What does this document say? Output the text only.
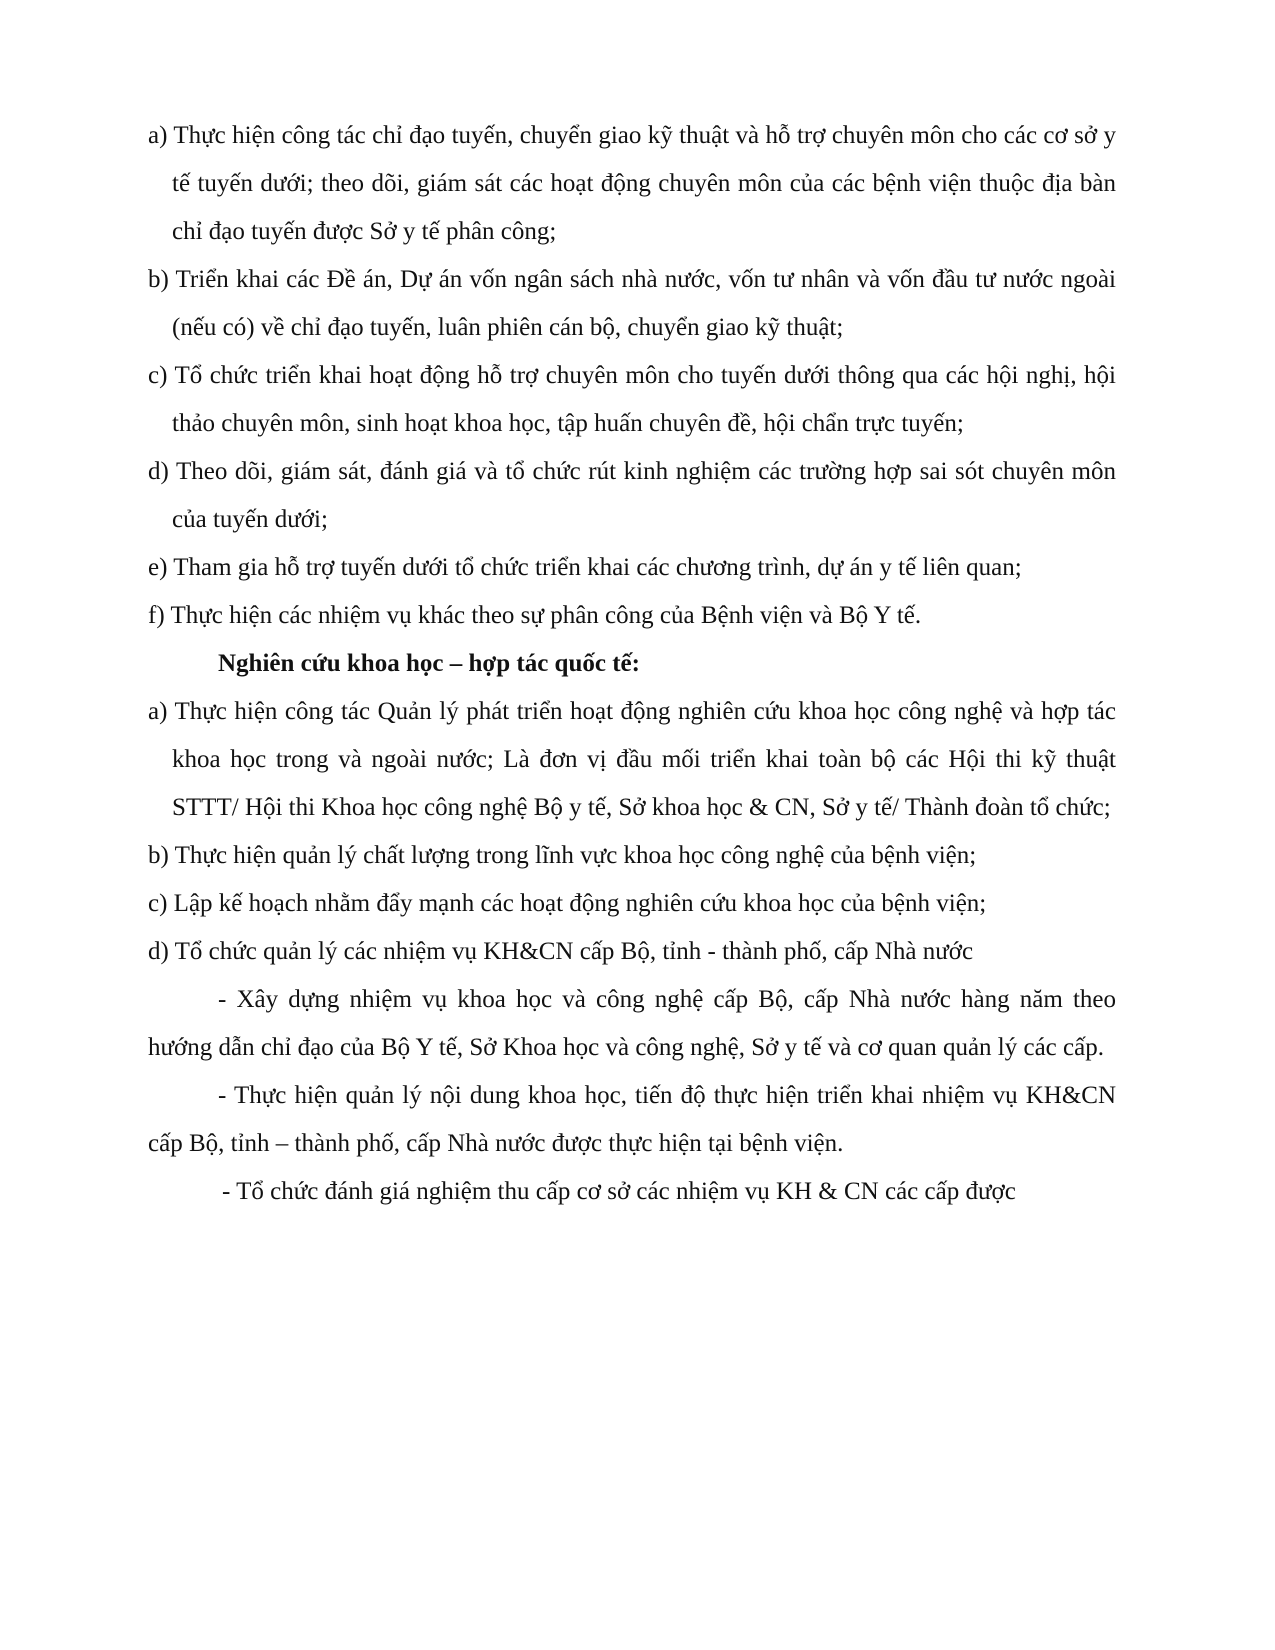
a) Thực hiện công tác chỉ đạo tuyến, chuyển giao kỹ thuật và hỗ trợ chuyên môn cho các cơ sở y tế tuyến dưới; theo dõi, giám sát các hoạt động chuyên môn của các bệnh viện thuộc địa bàn chỉ đạo tuyến được Sở y tế phân công;
b) Triển khai các Đề án, Dự án vốn ngân sách nhà nước, vốn tư nhân và vốn đầu tư nước ngoài (nếu có) về chỉ đạo tuyến, luân phiên cán bộ, chuyển giao kỹ thuật;
c) Tổ chức triển khai hoạt động hỗ trợ chuyên môn cho tuyến dưới thông qua các hội nghị, hội thảo chuyên môn, sinh hoạt khoa học, tập huấn chuyên đề, hội chẩn trực tuyến;
d) Theo dõi, giám sát, đánh giá và tổ chức rút kinh nghiệm các trường hợp sai sót chuyên môn của tuyến dưới;
e) Tham gia hỗ trợ tuyến dưới tổ chức triển khai các chương trình, dự án y tế liên quan;
f) Thực hiện các nhiệm vụ khác theo sự phân công của Bệnh viện và Bộ Y tế.
Nghiên cứu khoa học – hợp tác quốc tế:
a) Thực hiện công tác Quản lý phát triển hoạt động nghiên cứu khoa học công nghệ và hợp tác khoa học trong và ngoài nước; Là đơn vị đầu mối triển khai toàn bộ các Hội thi kỹ thuật STTT/ Hội thi Khoa học công nghệ Bộ y tế, Sở khoa học & CN, Sở y tế/ Thành đoàn tổ chức;
b) Thực hiện quản lý chất lượng trong lĩnh vực khoa học công nghệ của bệnh viện;
c) Lập kế hoạch nhằm đẩy mạnh các hoạt động nghiên cứu khoa học của bệnh viện;
d) Tổ chức quản lý các nhiệm vụ KH&CN cấp Bộ, tỉnh - thành phố, cấp Nhà nước
- Xây dựng nhiệm vụ khoa học và công nghệ cấp Bộ, cấp Nhà nước hàng năm theo hướng dẫn chỉ đạo của Bộ Y tế, Sở Khoa học và công nghệ, Sở y tế và cơ quan quản lý các cấp.
- Thực hiện quản lý nội dung khoa học, tiến độ thực hiện triển khai nhiệm vụ KH&CN cấp Bộ, tỉnh – thành phố, cấp Nhà nước được thực hiện tại bệnh viện.
- Tổ chức đánh giá nghiệm thu cấp cơ sở các nhiệm vụ KH & CN các cấp được
